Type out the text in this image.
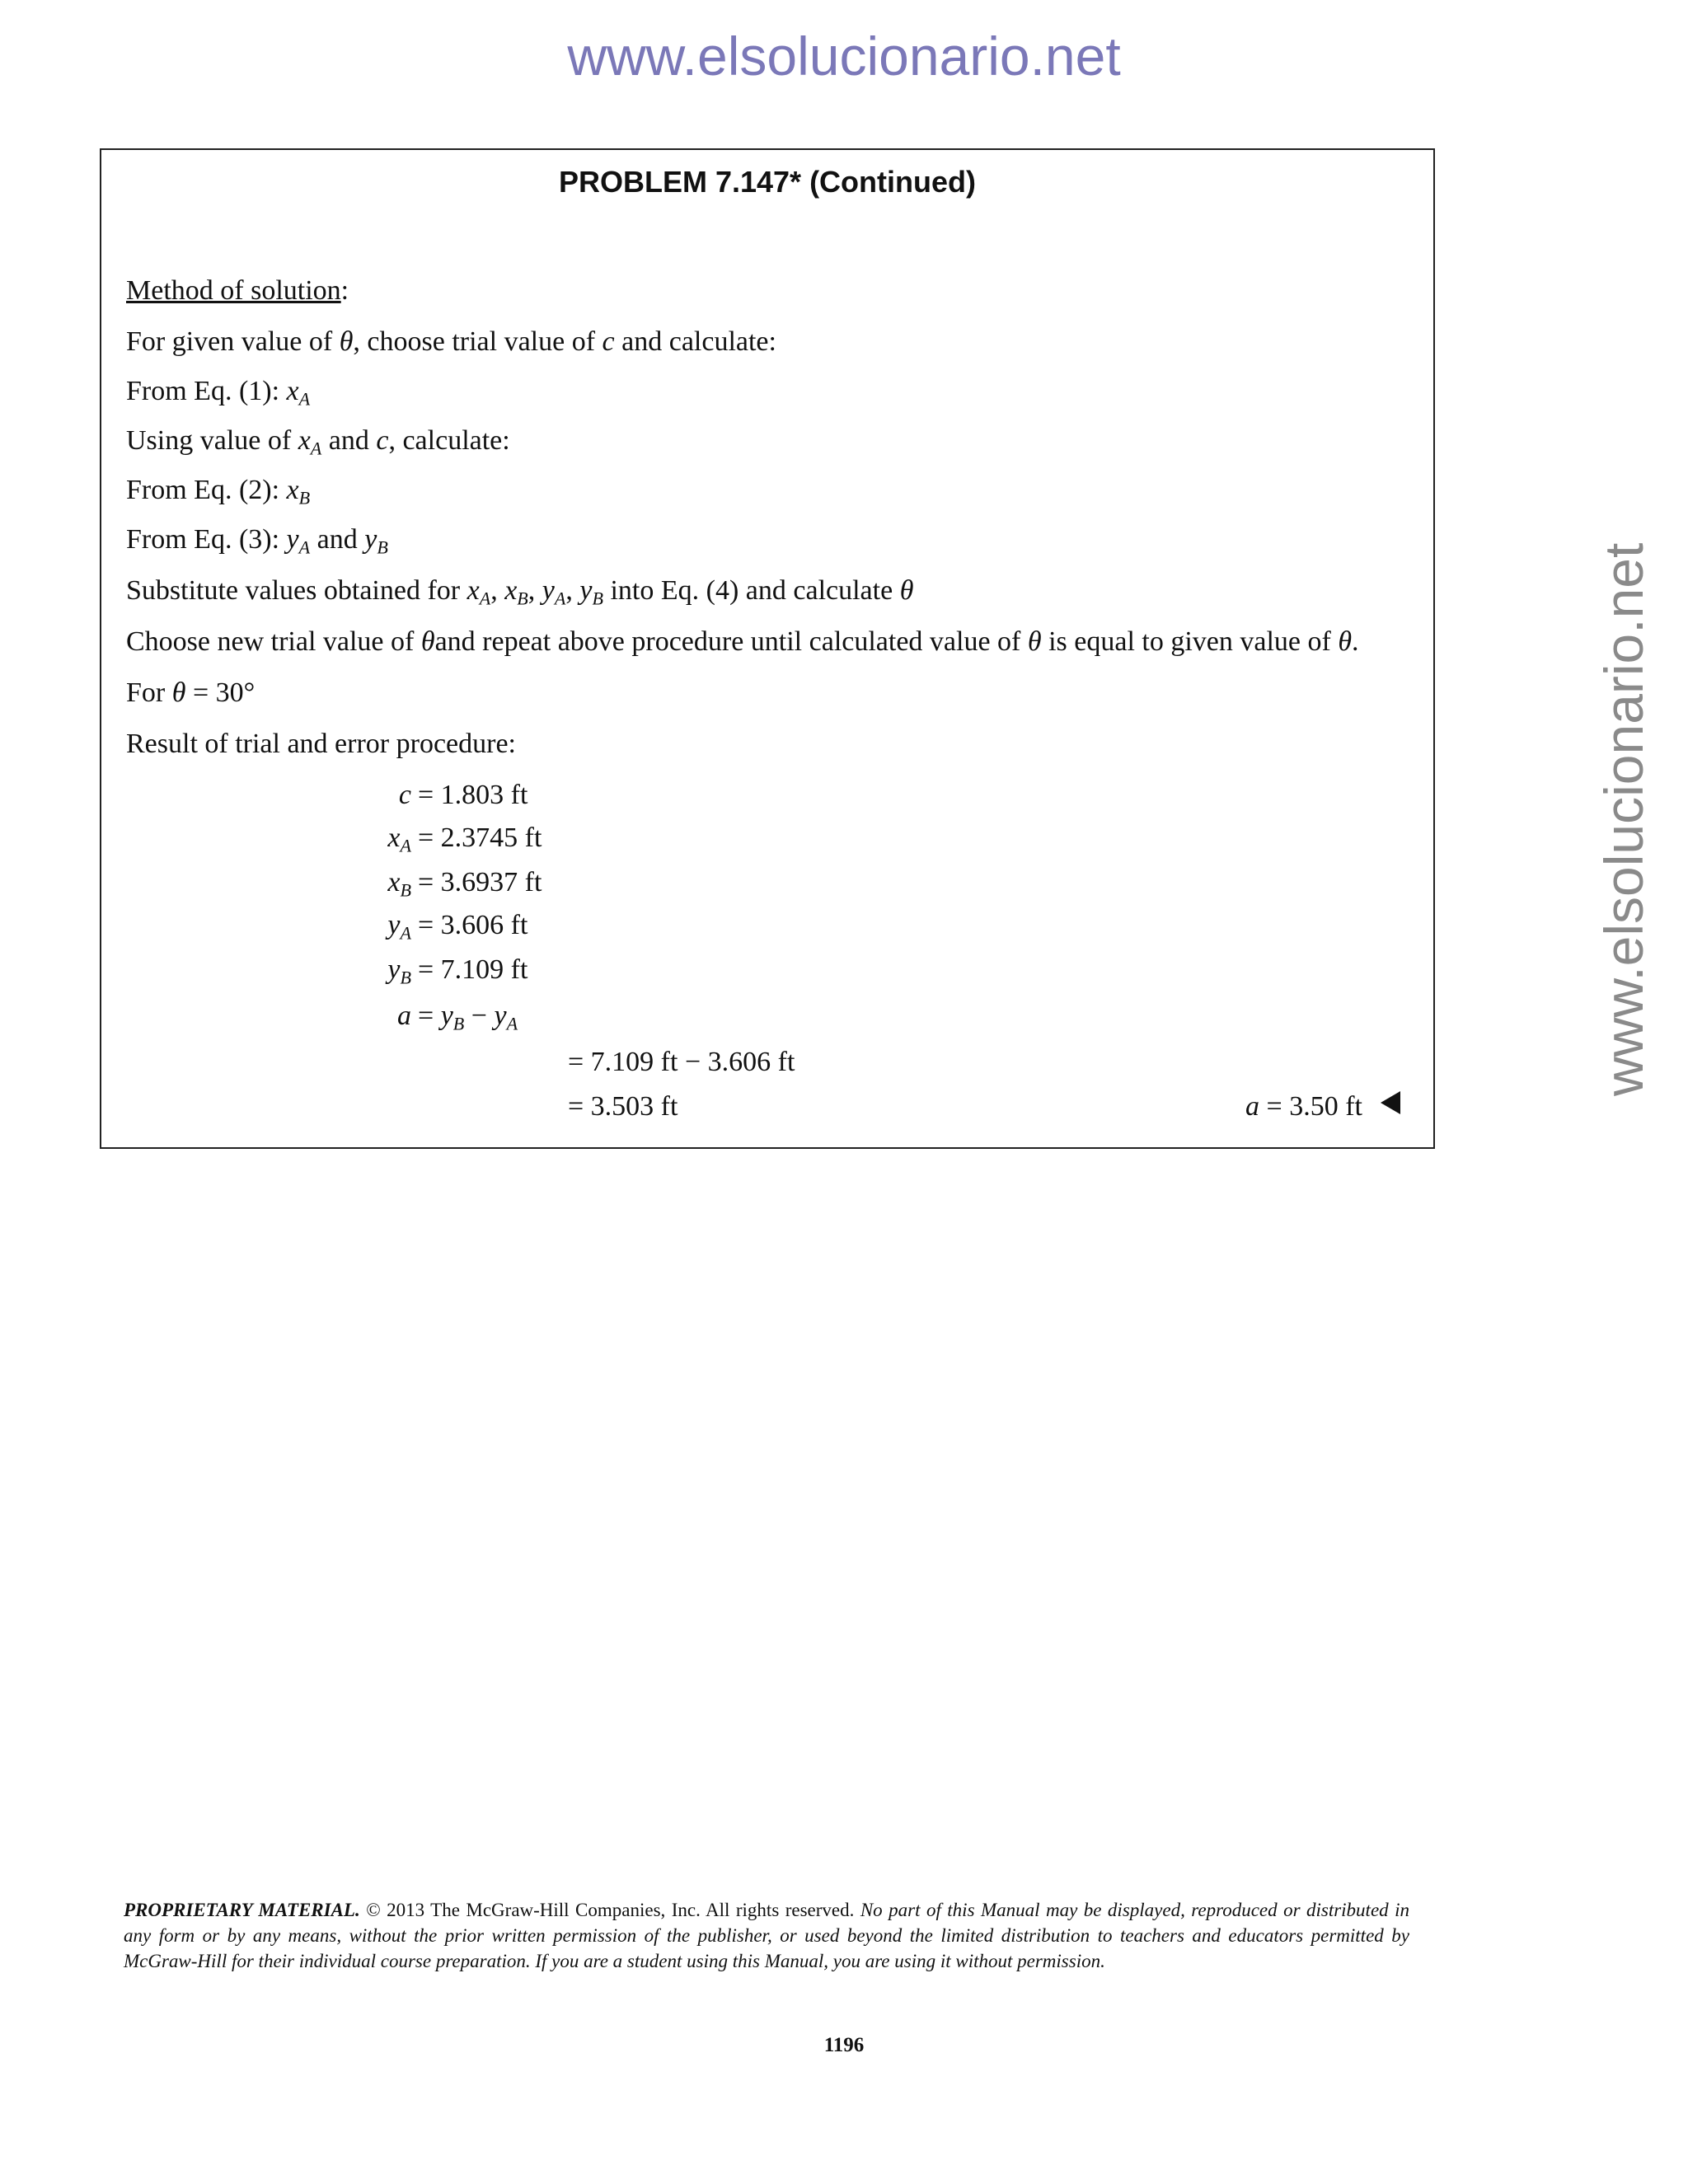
www.elsolucionario.net
www.elsolucionario.net
PROBLEM 7.147* (Continued)
Method of solution:
For given value of θ, choose trial value of c and calculate:
From Eq. (1): $x_A$
Using value of $x_A$ and c, calculate:
From Eq. (2): $x_B$
From Eq. (3): $y_A$ and $y_B$
Substitute values obtained for $x_A$, $x_B$, $y_A$, $y_B$ into Eq. (4) and calculate θ
Choose new trial value of θand repeat above procedure until calculated value of θ is equal to given value of θ.
For θ = 30°
Result of trial and error procedure:
c = 1.803 ft
$x_A = 2.3745$ ft
$x_B = 3.6937$ ft
$y_A = 3.606$ ft
$y_B = 7.109$ ft
$a = y_B - y_A$
= 7.109 ft − 3.606 ft
= 3.503 ft	a = 3.50 ft
PROPRIETARY MATERIAL. © 2013 The McGraw-Hill Companies, Inc. All rights reserved. No part of this Manual may be displayed, reproduced or distributed in any form or by any means, without the prior written permission of the publisher, or used beyond the limited distribution to teachers and educators permitted by McGraw-Hill for their individual course preparation. If you are a student using this Manual, you are using it without permission.
1196
